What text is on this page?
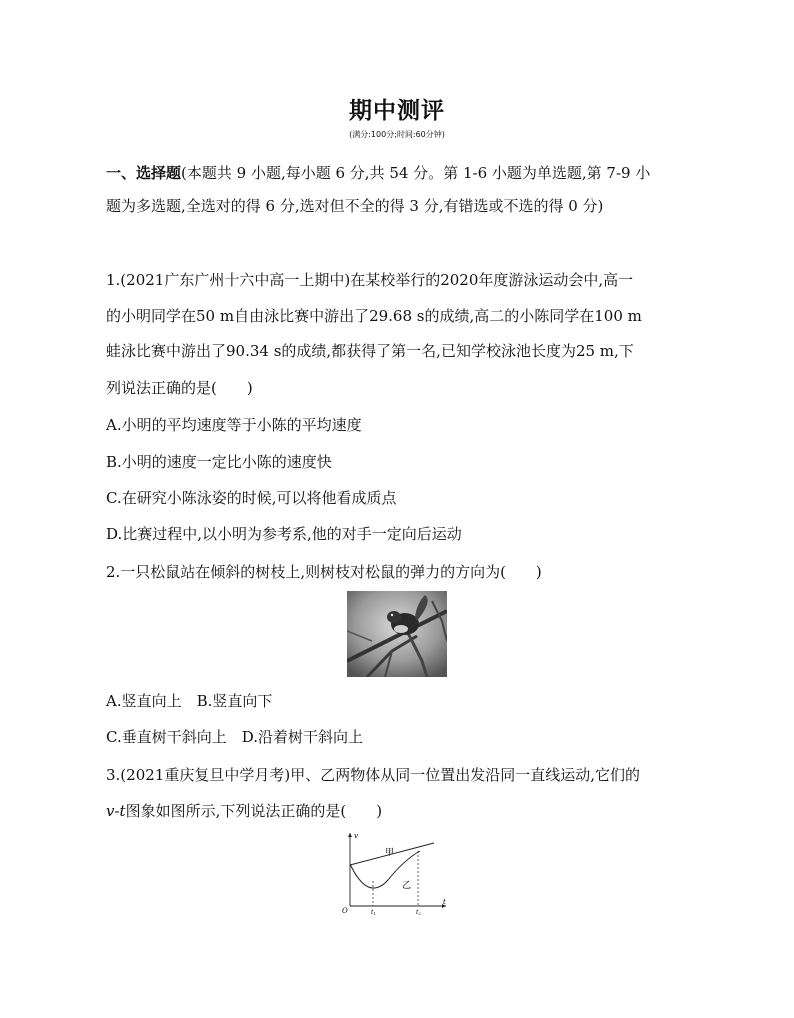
期中测评
(满分:100分;时间:60分钟)
一、选择题(本题共 9 小题,每小题 6 分,共 54 分。第 1-6 小题为单选题,第 7-9 小
题为多选题,全选对的得 6 分,选对但不全的得 3 分,有错选或不选的得 0 分)
1.(2021广东广州十六中高一上期中)在某校举行的2020年度游泳运动会中,高一
的小明同学在50 m自由泳比赛中游出了29.68 s的成绩,高二的小陈同学在100 m
蛙泳比赛中游出了90.34 s的成绩,都获得了第一名,已知学校泳池长度为25 m,下
列说法正确的是(　　)
A.小明的平均速度等于小陈的平均速度
B.小明的速度一定比小陈的速度快
C.在研究小陈泳姿的时候,可以将他看成质点
D.比赛过程中,以小明为参考系,他的对手一定向后运动
2.一只松鼠站在倾斜的树枝上,则树枝对松鼠的弹力的方向为(　　)
A.竖直向上　B.竖直向下
C.垂直树干斜向上　D.沿着树干斜向上
3.(2021重庆复旦中学月考)甲、乙两物体从同一位置出发沿同一直线运动,它们的
v-t图象如图所示,下列说法正确的是(　　)
v
t
O
甲
乙
t1	t2
